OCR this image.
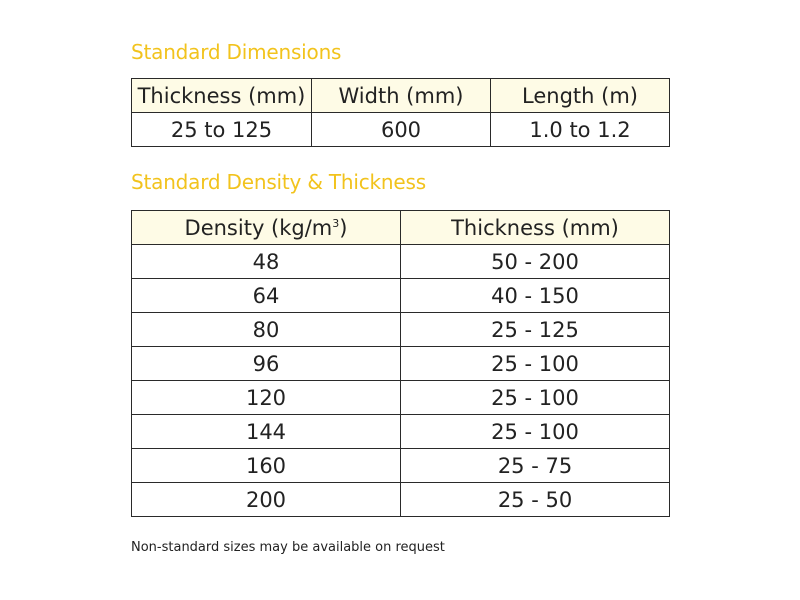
Standard Dimensions
Thickness (mm)	Width (mm)	Length (m)
25 to 125	600	1.0 to 1.2
Standard Density & Thickness
Density $(kg/m^3)$	Thickness (mm)
48	50 - 200
64	40 - 150
80	25 - 125
96	25 - 100
120	25 - 100
144	25 - 100
160	25 - 75
200	25 - 50

Non-standard sizes may be available on request
